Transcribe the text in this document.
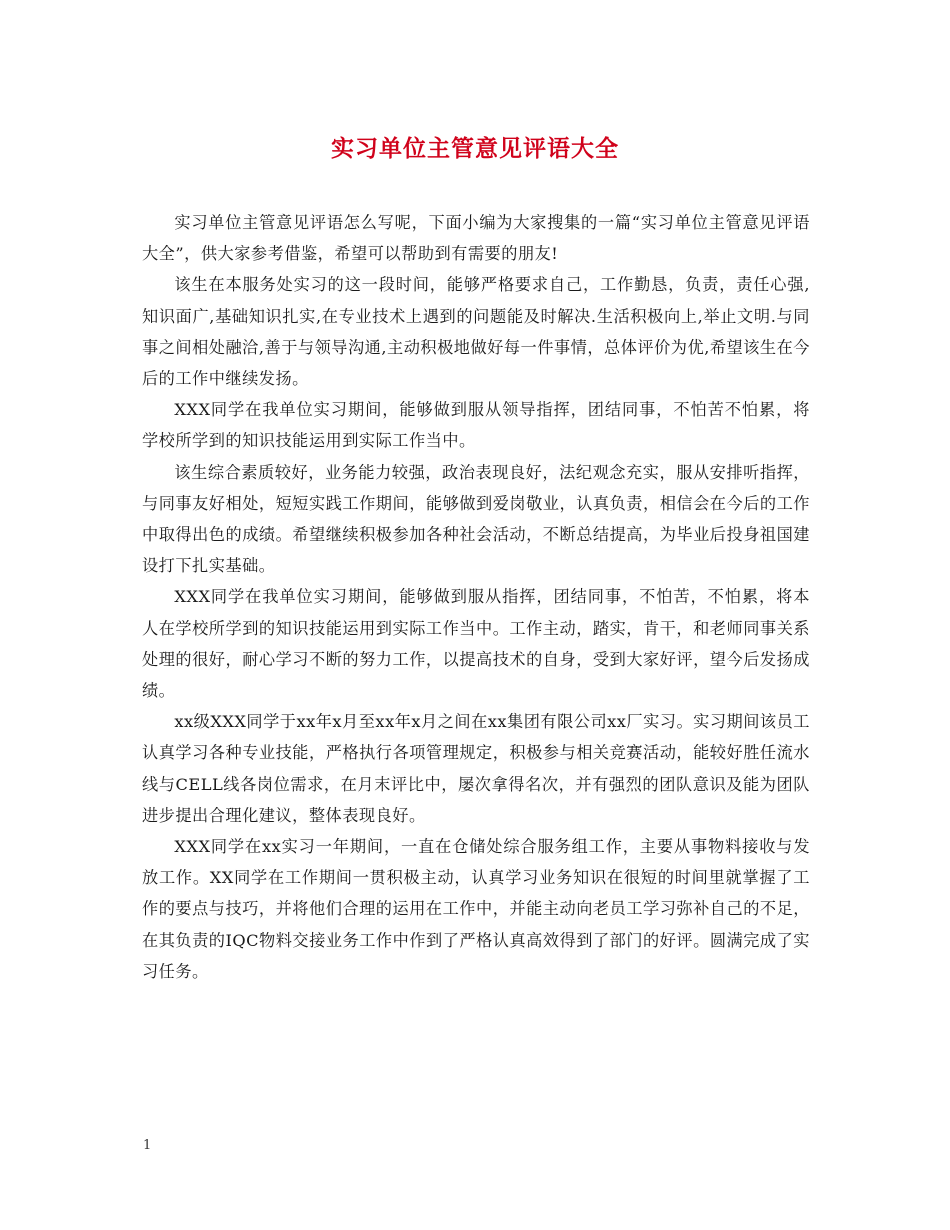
实习单位主管意见评语大全

实习单位主管意见评语怎么写呢，下面小编为大家搜集的一篇“实习单位主管意见评语大全”，供大家参考借鉴，希望可以帮助到有需要的朋友!

该生在本服务处实习的这一段时间，能够严格要求自己，工作勤恳，负责，责任心强,知识面广,基础知识扎实,在专业技术上遇到的问题能及时解决.生活积极向上,举止文明.与同事之间相处融洽,善于与领导沟通,主动积极地做好每一件事情，总体评价为优,希望该生在今后的工作中继续发扬。

XXX同学在我单位实习期间，能够做到服从领导指挥，团结同事，不怕苦不怕累，将学校所学到的知识技能运用到实际工作当中。

该生综合素质较好，业务能力较强，政治表现良好，法纪观念充实，服从安排听指挥，与同事友好相处，短短实践工作期间，能够做到爱岗敬业，认真负责，相信会在今后的工作中取得出色的成绩。希望继续积极参加各种社会活动，不断总结提高，为毕业后投身祖国建设打下扎实基础。

XXX同学在我单位实习期间，能够做到服从指挥，团结同事，不怕苦，不怕累，将本人在学校所学到的知识技能运用到实际工作当中。工作主动，踏实，肯干，和老师同事关系处理的很好，耐心学习不断的努力工作，以提高技术的自身，受到大家好评，望今后发扬成绩。

xx级XXX同学于xx年x月至xx年x月之间在xx集团有限公司xx厂实习。实习期间该员工认真学习各种专业技能，严格执行各项管理规定，积极参与相关竞赛活动，能较好胜任流水线与CELL线各岗位需求，在月末评比中，屡次拿得名次，并有强烈的团队意识及能为团队进步提出合理化建议，整体表现良好。

XXX同学在xx实习一年期间，一直在仓储处综合服务组工作，主要从事物料接收与发放工作。XX同学在工作期间一贯积极主动，认真学习业务知识在很短的时间里就掌握了工作的要点与技巧，并将他们合理的运用在工作中，并能主动向老员工学习弥补自己的不足，在其负责的IQC物料交接业务工作中作到了严格认真高效得到了部门的好评。圆满完成了实习任务。

1
